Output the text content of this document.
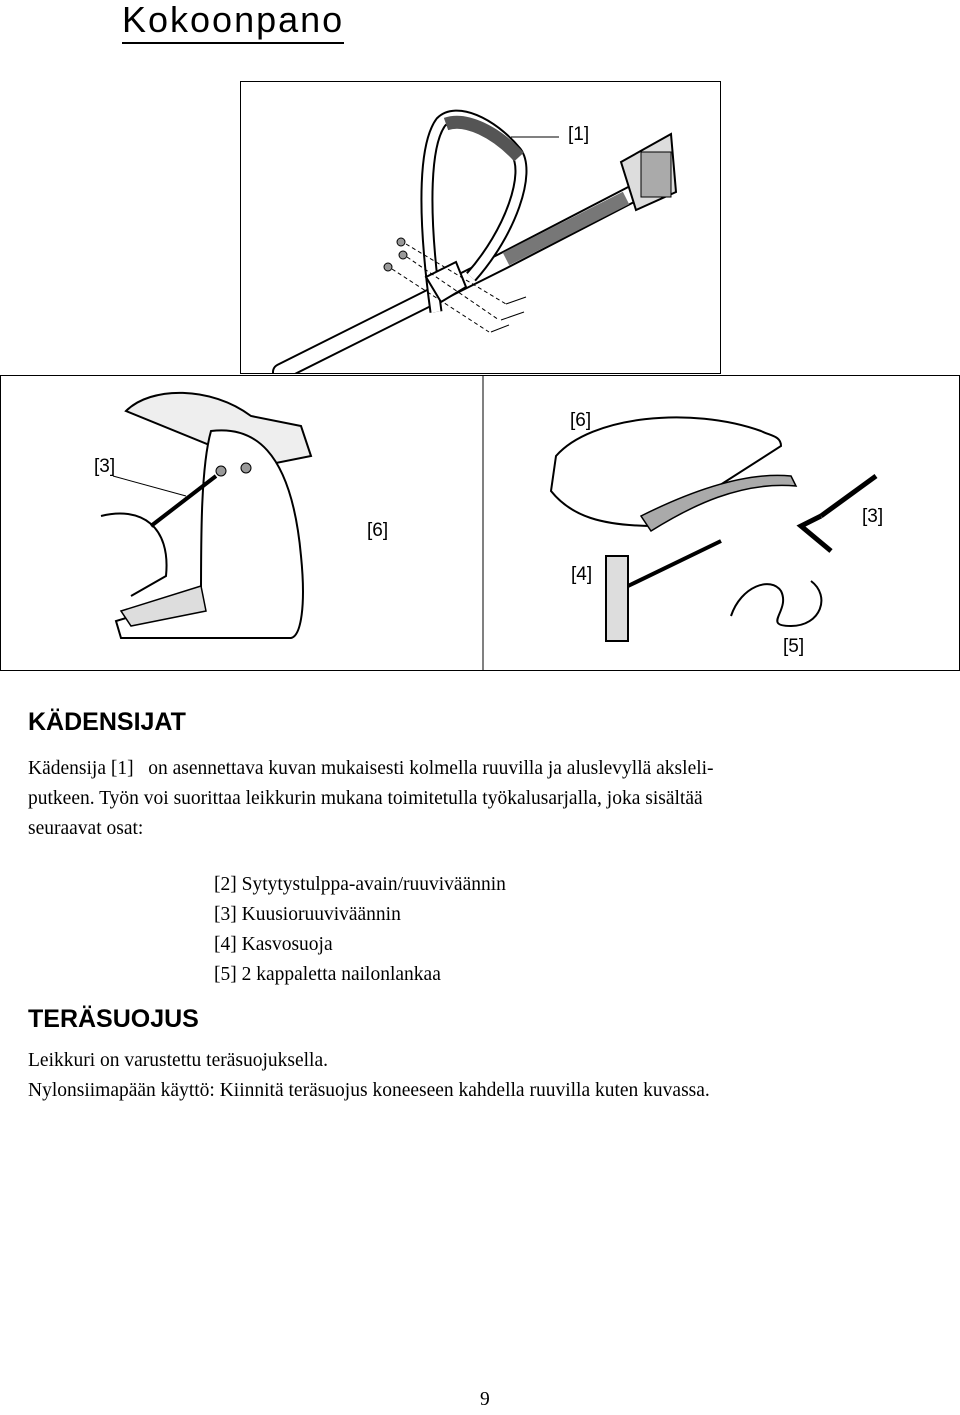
Kokoonpano
[1]
[3]
[6]
[6]
[3]
[4]
[5]
KÄDENSIJAT
Kädensija [1]   on asennettava kuvan mukaisesti kolmella ruuvilla ja aluslevyllä aksleli-
putkeen. Työn voi suorittaa leikkurin mukana toimitetulla työkalusarjalla, joka sisältää
seuraavat osat:
[2] Sytytystulppa-avain/ruuviväännin
[3] Kuusioruuviväännin
[4] Kasvosuoja
[5] 2 kappaletta nailonlankaa
TERÄSUOJUS
Leikkuri on varustettu teräsuojuksella.
Nylonsiimapään käyttö: Kiinnitä teräsuojus koneeseen kahdella ruuvilla kuten kuvassa.
9
